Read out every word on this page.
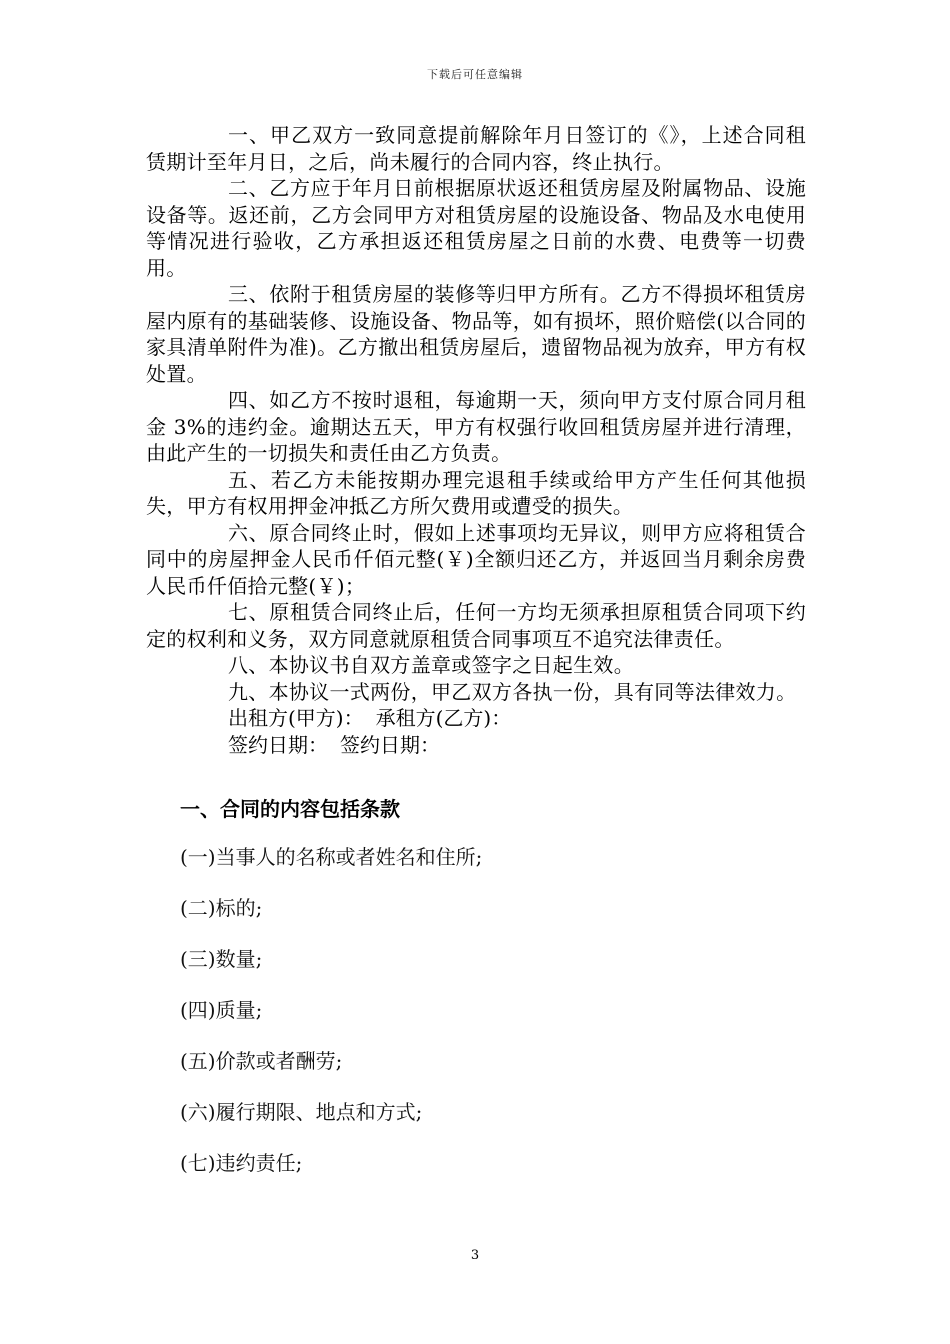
下载后可任意编辑

一、甲乙双方一致同意提前解除年月日签订的《》，上述合同租赁期计至年月日，之后，尚未履行的合同内容，终止执行。

二、乙方应于年月日前根据原状返还租赁房屋及附属物品、设施设备等。返还前，乙方会同甲方对租赁房屋的设施设备、物品及水电使用等情况进行验收，乙方承担返还租赁房屋之日前的水费、电费等一切费用。

三、依附于租赁房屋的装修等归甲方所有。乙方不得损坏租赁房屋内原有的基础装修、设施设备、物品等，如有损坏，照价赔偿(以合同的家具清单附件为准)。乙方撤出租赁房屋后，遗留物品视为放弃，甲方有权处置。

四、如乙方不按时退租，每逾期一天，须向甲方支付原合同月租金 3%的违约金。逾期达五天，甲方有权强行收回租赁房屋并进行清理，由此产生的一切损失和责任由乙方负责。

五、若乙方未能按期办理完退租手续或给甲方产生任何其他损失，甲方有权用押金冲抵乙方所欠费用或遭受的损失。

六、原合同终止时，假如上述事项均无异议，则甲方应将租赁合同中的房屋押金人民币仟佰元整(￥)全额归还乙方，并返回当月剩余房费人民币仟佰拾元整(￥)；

七、原租赁合同终止后，任何一方均无须承担原租赁合同项下约定的权利和义务，双方同意就原租赁合同事项互不追究法律责任。

八、本协议书自双方盖章或签字之日起生效。

九、本协议一式两份，甲乙双方各执一份，具有同等法律效力。

出租方(甲方)： 承租方(乙方)：

签约日期： 签约日期：

一、合同的内容包括条款
(一)当事人的名称或者姓名和住所;
(二)标的;
(三)数量;
(四)质量;
(五)价款或者酬劳;
(六)履行期限、地点和方式;
(七)违约责任;
3
